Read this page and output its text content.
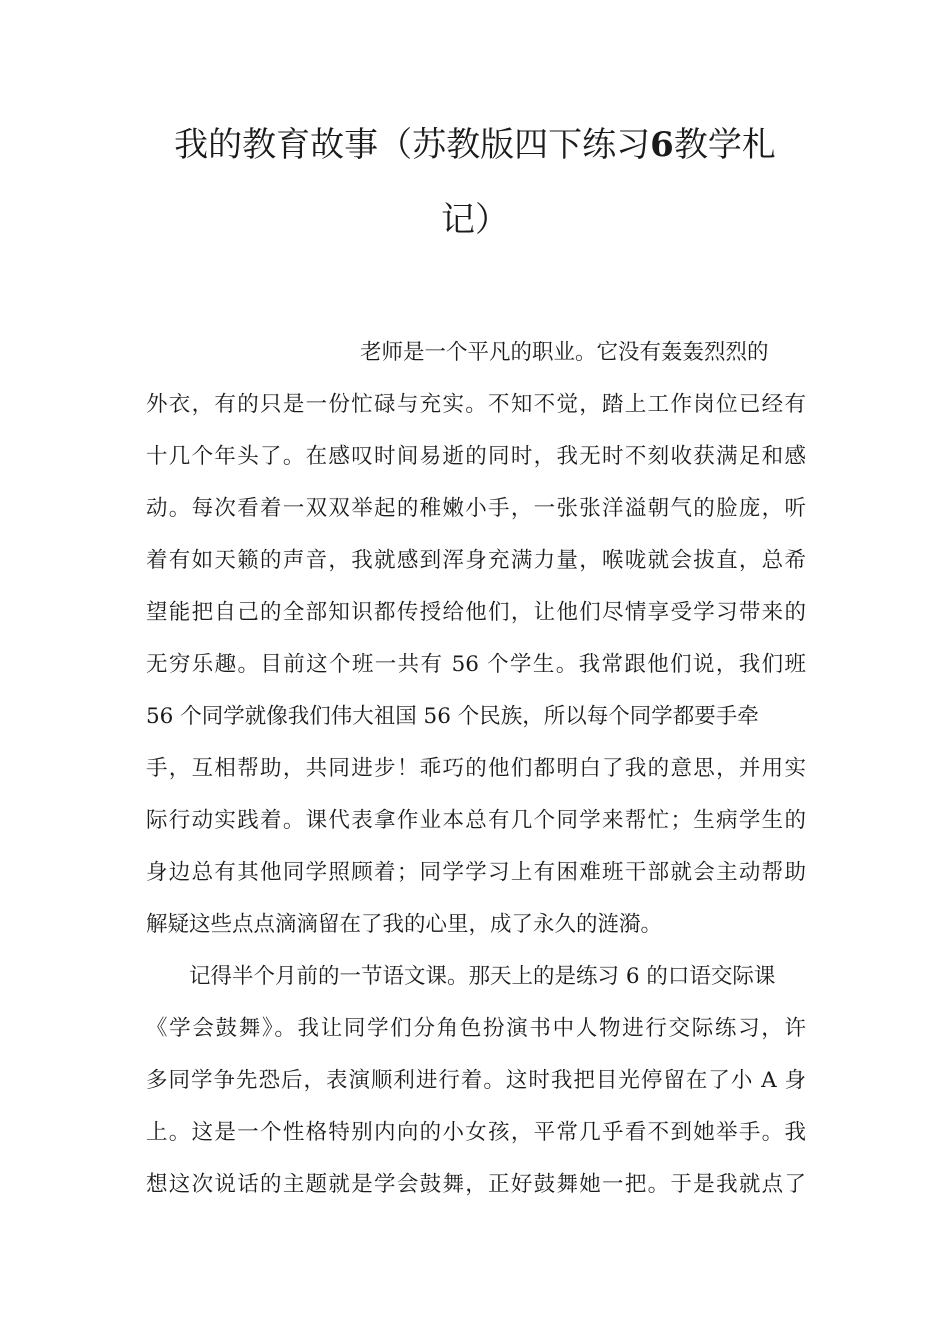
我的教育故事（苏教版四下练习6教学札
记）
老师是一个平凡的职业。它没有轰轰烈烈的
外衣，有的只是一份忙碌与充实。不知不觉，踏上工作岗位已经有
十几个年头了。在感叹时间易逝的同时，我无时不刻收获满足和感
动。每次看着一双双举起的稚嫩小手，一张张洋溢朝气的脸庞，听
着有如天籁的声音，我就感到浑身充满力量，喉咙就会拔直，总希
望能把自己的全部知识都传授给他们，让他们尽情享受学习带来的
无穷乐趣。目前这个班一共有 56 个学生。我常跟他们说，我们班
56 个同学就像我们伟大祖国 56 个民族，所以每个同学都要手牵
手，互相帮助，共同进步！乖巧的他们都明白了我的意思，并用实
际行动实践着。课代表拿作业本总有几个同学来帮忙；生病学生的
身边总有其他同学照顾着；同学学习上有困难班干部就会主动帮助
解疑这些点点滴滴留在了我的心里，成了永久的涟漪。
记得半个月前的一节语文课。那天上的是练习 6 的口语交际课
《学会鼓舞》。我让同学们分角色扮演书中人物进行交际练习，许
多同学争先恐后，表演顺利进行着。这时我把目光停留在了小 A 身
上。这是一个性格特别内向的小女孩，平常几乎看不到她举手。我
想这次说话的主题就是学会鼓舞，正好鼓舞她一把。于是我就点了
